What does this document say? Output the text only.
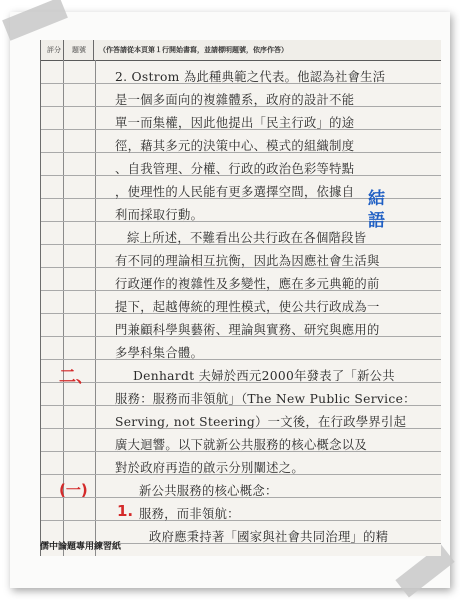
評分	題號	（作答請從本頁第１行開始書寫，並請標明題號，依序作答）
2. Ostrom 為此種典範之代表。他認為社會生活
是一個多面向的複雜體系，政府的設計不能
單一而集權，因此他提出「民主行政」的途
徑，藉其多元的決策中心、模式的組織制度
、自我管理、分權、行政的政治色彩等特點
，使理性的人民能有更多選擇空間，依據自
利而採取行動。
綜上所述，不難看出公共行政在各個階段皆
有不同的理論相互抗衡，因此為因應社會生活與
行政運作的複雜性及多變性，應在多元典範的前
提下，起越傳統的理性模式，使公共行政成為一
門兼顧科學與藝術、理論與實務、研究與應用的
多學科集合體。
Denhardt 夫婦於西元2000年發表了「新公共
服務：服務而非領航」（The New Public Service：
Serving, not Steering）一文後，在行政學界引起
廣大迴響。以下就新公共服務的核心概念以及
對於政府再造的啟示分別闡述之。
新公共服務的核心概念：
服務，而非領航：
政府應秉持著「國家與社會共同治理」的精
二、
(一)
1.
結語
儒中論題專用練習紙
